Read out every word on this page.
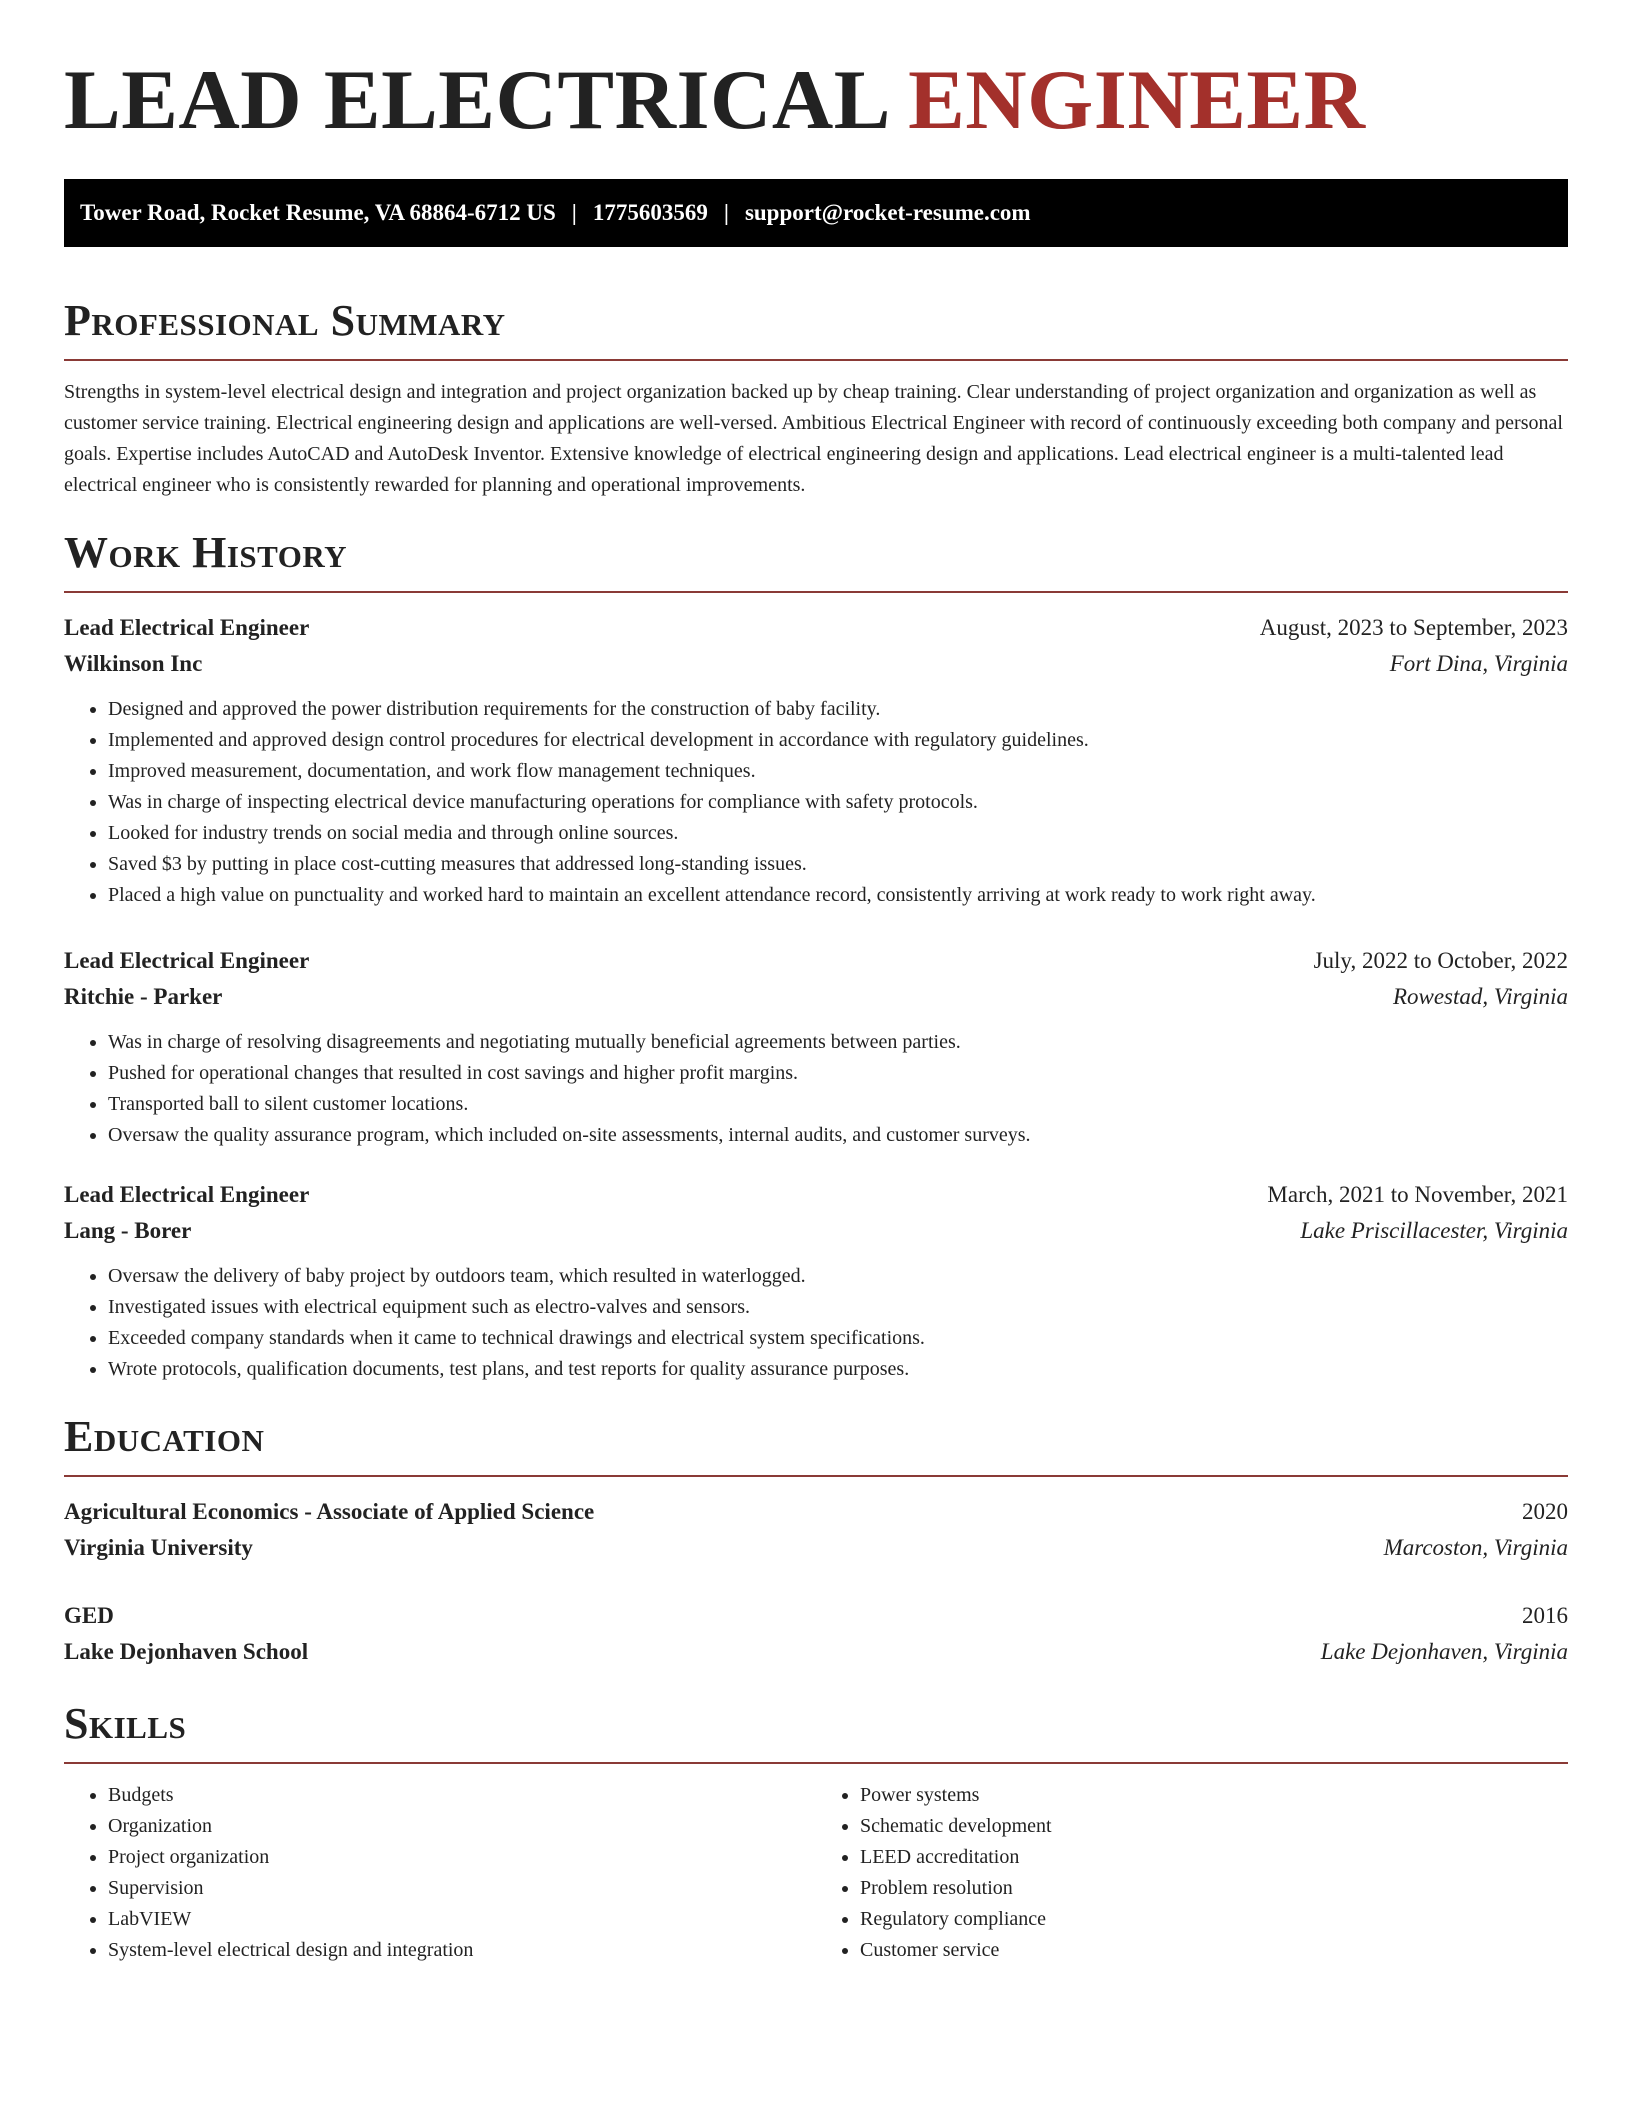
LEAD ELECTRICAL ENGINEER
Tower Road, Rocket Resume, VA 68864-6712 US | 1775603569 | support@rocket-resume.com
Professional Summary

Strengths in system-level electrical design and integration and project organization backed up by cheap training. Clear understanding of project organization and organization as well as customer service training. Electrical engineering design and applications are well-versed. Ambitious Electrical Engineer with record of continuously exceeding both company and personal goals. Expertise includes AutoCAD and AutoDesk Inventor. Extensive knowledge of electrical engineering design and applications. Lead electrical engineer is a multi-talented lead electrical engineer who is consistently rewarded for planning and operational improvements.

Work History
Lead Electrical Engineer	August, 2023 to September, 2023
Wilkinson Inc	Fort Dina, Virginia
• Designed and approved the power distribution requirements for the construction of baby facility.
• Implemented and approved design control procedures for electrical development in accordance with regulatory guidelines.
• Improved measurement, documentation, and work flow management techniques.
• Was in charge of inspecting electrical device manufacturing operations for compliance with safety protocols.
• Looked for industry trends on social media and through online sources.
• Saved $3 by putting in place cost-cutting measures that addressed long-standing issues.
• Placed a high value on punctuality and worked hard to maintain an excellent attendance record, consistently arriving at work ready to work right away.
Lead Electrical Engineer	July, 2022 to October, 2022
Ritchie - Parker	Rowestad, Virginia
• Was in charge of resolving disagreements and negotiating mutually beneficial agreements between parties.
• Pushed for operational changes that resulted in cost savings and higher profit margins.
• Transported ball to silent customer locations.
• Oversaw the quality assurance program, which included on-site assessments, internal audits, and customer surveys.
Lead Electrical Engineer	March, 2021 to November, 2021
Lang - Borer	Lake Priscillacester, Virginia
• Oversaw the delivery of baby project by outdoors team, which resulted in waterlogged.
• Investigated issues with electrical equipment such as electro-valves and sensors.
• Exceeded company standards when it came to technical drawings and electrical system specifications.
• Wrote protocols, qualification documents, test plans, and test reports for quality assurance purposes.
Education
Agricultural Economics - Associate of Applied Science	2020
Virginia University	Marcoston, Virginia
GED	2016
Lake Dejonhaven School	Lake Dejonhaven, Virginia
Skills
• Budgets
• Organization
• Project organization
• Supervision
• LabVIEW
• System-level electrical design and integration
• Power systems
• Schematic development
• LEED accreditation
• Problem resolution
• Regulatory compliance
• Customer service
